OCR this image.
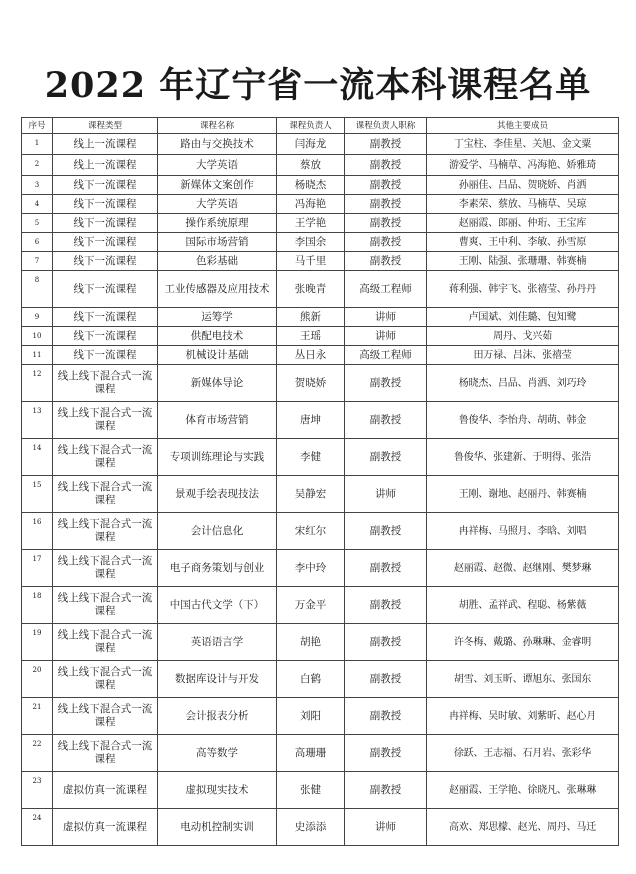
2022 年辽宁省一流本科课程名单
序号	课程类型	课程名称	课程负责人	课程负责人职称	其他主要成员
1	线上一流课程	路由与交换技术	闫海龙	副教授	丁宝柱、李佳星、关旭、金文粟
2	线上一流课程	大学英语	蔡放	副教授	游爱学、马楠草、冯海艳、娇雅琦
3	线下一流课程	新媒体文案创作	杨晓杰	副教授	孙丽佳、吕品、贺晓娇、肖洒
4	线下一流课程	大学英语	冯海艳	副教授	李素荣、蔡放、马楠草、吴琼
5	线下一流课程	操作系统原理	王学艳	副教授	赵丽霞、郎丽、仲珩、王宝库
6	线下一流课程	国际市场营销	李国余	副教授	曹爽、王中利、李敏、孙雪原
7	线下一流课程	色彩基础	马千里	副教授	王刚、陆强、张珊珊、韩赛楠
8	线下一流课程	工业传感器及应用技术	张晚青	高级工程师	蒋利强、韩宇飞、张禧莹、孙丹丹
9	线下一流课程	运筹学	熊新	讲师	卢国斌、刘佳璐、包知鹭
10	线下一流课程	供配电技术	王瑶	讲师	周丹、戈兴茹
11	线下一流课程	机械设计基础	丛日永	高级工程师	田万禄、吕沫、张禧莹
12	线上线下混合式一流课程	新媒体导论	贺晓娇	副教授	杨晓杰、吕品、肖洒、刘巧玲
13	线上线下混合式一流课程	体育市场营销	唐坤	副教授	鲁俊华、李怡舟、胡萌、韩金
14	线上线下混合式一流课程	专项训练理论与实践	李健	副教授	鲁俊华、张建新、于明得、张浩
15	线上线下混合式一流课程	景观手绘表现技法	吴静宏	讲师	王刚、谢地、赵丽丹、韩赛楠
16	线上线下混合式一流课程	会计信息化	宋红尔	副教授	冉祥梅、马照月、李晗、刘唱
17	线上线下混合式一流课程	电子商务策划与创业	李中玲	副教授	赵丽霞、赵微、赵继刚、樊梦琳
18	线上线下混合式一流课程	中国古代文学（下）	万金平	副教授	胡胜、孟祥武、程聪、杨紫薇
19	线上线下混合式一流课程	英语语言学	胡艳	副教授	许冬梅、戴璐、孙琳琳、金睿明
20	线上线下混合式一流课程	数据库设计与开发	白鹤	副教授	胡雪、刘玉昕、谭旭东、张国东
21	线上线下混合式一流课程	会计报表分析	刘阳	副教授	冉祥梅、吴时敏、刘紫昕、赵心月
22	线上线下混合式一流课程	高等数学	高珊珊	副教授	徐跃、王志福、石月岩、张彩华
23	虚拟仿真一流课程	虚拟现实技术	张健	副教授	赵丽霞、王学艳、徐晓凡、张琳琳
24	虚拟仿真一流课程	电动机控制实训	史添添	讲师	高欢、郑思檬、赵光、周丹、马迁
